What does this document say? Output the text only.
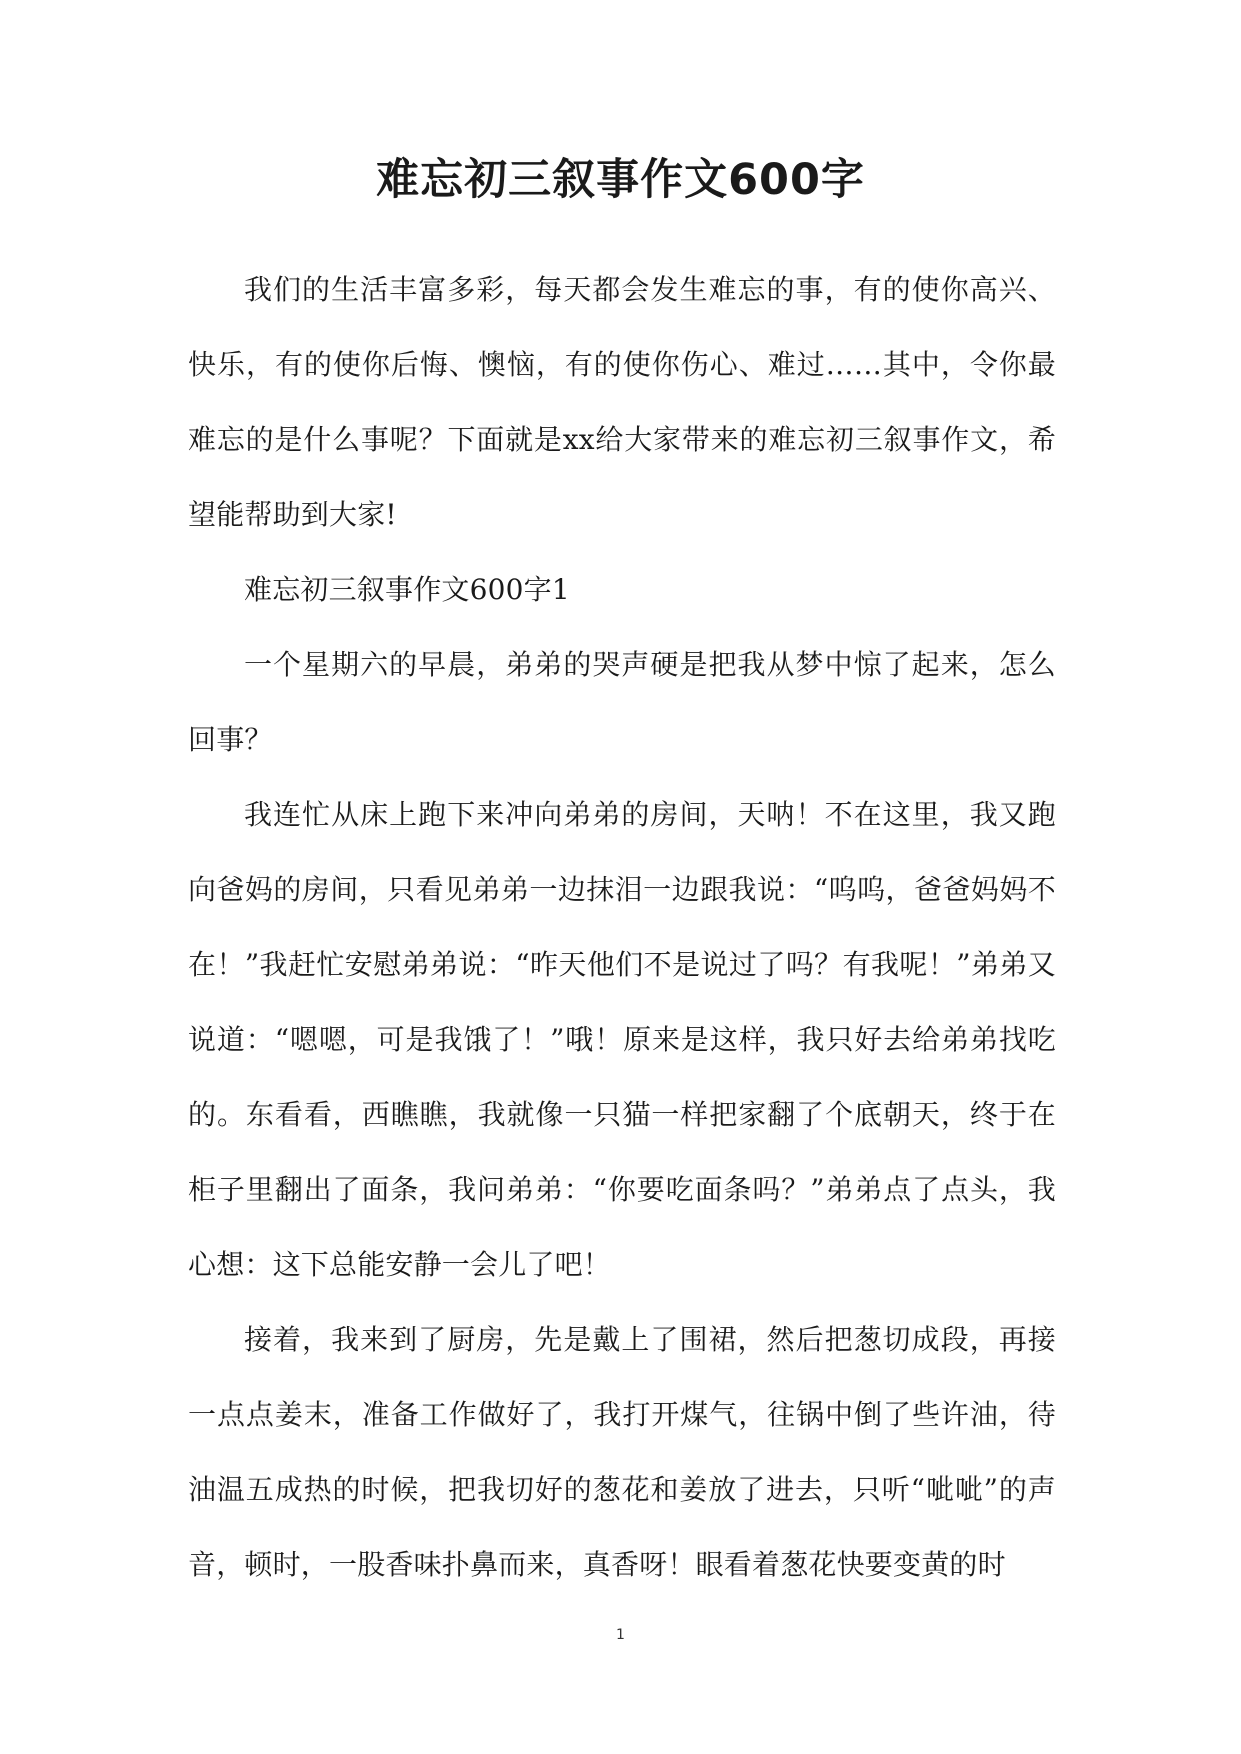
难忘初三叙事作文600字

我们的生活丰富多彩，每天都会发生难忘的事，有的使你高兴、快乐，有的使你后悔、懊恼，有的使你伤心、难过……其中，令你最难忘的是什么事呢？下面就是xx给大家带来的难忘初三叙事作文，希望能帮助到大家!

难忘初三叙事作文600字1

一个星期六的早晨，弟弟的哭声硬是把我从梦中惊了起来，怎么回事？

我连忙从床上跑下来冲向弟弟的房间，天呐！不在这里，我又跑向爸妈的房间，只看见弟弟一边抹泪一边跟我说：“呜呜，爸爸妈妈不在！”我赶忙安慰弟弟说：“昨天他们不是说过了吗？有我呢！”弟弟又说道：“嗯嗯，可是我饿了！”哦！原来是这样，我只好去给弟弟找吃的。东看看，西瞧瞧，我就像一只猫一样把家翻了个底朝天，终于在柜子里翻出了面条，我问弟弟：“你要吃面条吗？”弟弟点了点头，我心想：这下总能安静一会儿了吧！

接着，我来到了厨房，先是戴上了围裙，然后把葱切成段，再接一点点姜末，准备工作做好了，我打开煤气，往锅中倒了些许油，待油温五成热的时候，把我切好的葱花和姜放了进去，只听“呲呲”的声音，顿时，一股香味扑鼻而来，真香呀！眼看着葱花快要变黄的时

1
